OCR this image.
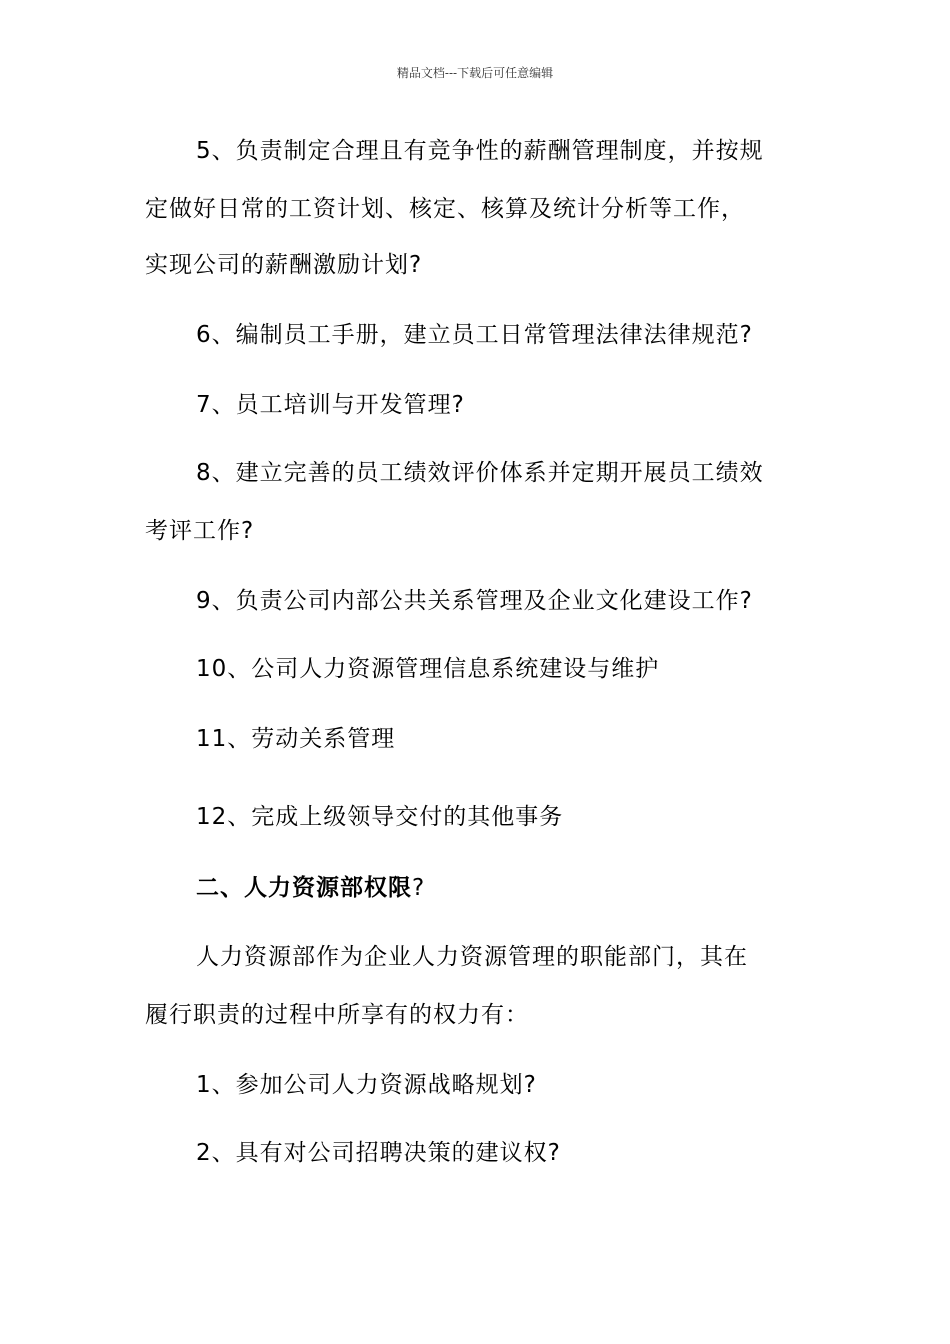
精品文档---下载后可任意编辑
5、负责制定合理且有竞争性的薪酬管理制度，并按规
定做好日常的工资计划、核定、核算及统计分析等工作，
实现公司的薪酬激励计划?
6、编制员工手册，建立员工日常管理法律法律规范?
7、员工培训与开发管理?
8、建立完善的员工绩效评价体系并定期开展员工绩效
考评工作?
9、负责公司内部公共关系管理及企业文化建设工作?
10、公司人力资源管理信息系统建设与维护
11、劳动关系管理
12、完成上级领导交付的其他事务
二、人力资源部权限?
人力资源部作为企业人力资源管理的职能部门，其在
履行职责的过程中所享有的权力有：
1、参加公司人力资源战略规划?
2、具有对公司招聘决策的建议权?
